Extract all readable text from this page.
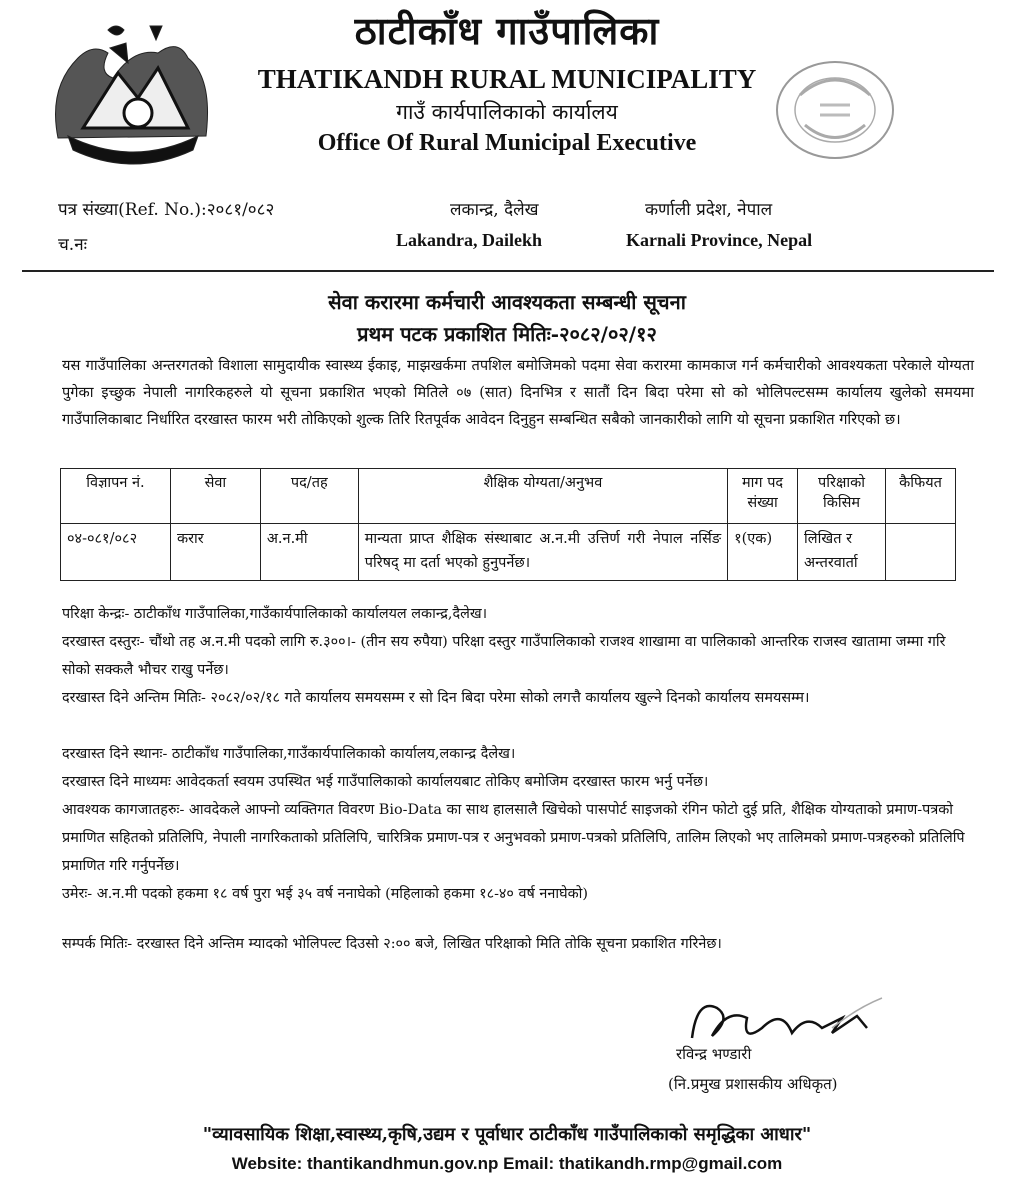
ठाटीकाँध गाउँपालिका
THATIKANDH RURAL MUNICIPALITY
गाउँ कार्यपालिकाको कार्यालय
Office Of Rural Municipal Executive
पत्र संख्या(Ref. No.):२०८१/०८२
च.नः
लकान्द्र, दैलेख
Lakandra, Dailekh
कर्णाली प्रदेश, नेपाल
Karnali Province, Nepal
सेवा करारमा कर्मचारी आवश्यकता सम्बन्धी सूचना
प्रथम पटक प्रकाशित मितिः-२०८२/०२/१२
यस गाउँपालिका अन्तरगतको विशाला सामुदायीक स्वास्थ्य ईकाइ, माझखर्कमा तपशिल बमोजिमको पदमा सेवा करारमा कामकाज गर्न कर्मचारीको आवश्यकता परेकाले योग्यता पुगेका इच्छुक नेपाली नागरिकहरुले यो सूचना प्रकाशित भएको मितिले ०७ (सात) दिनभित्र र सातौं दिन बिदा परेमा सो को भोलिपल्टसम्म कार्यालय खुलेको समयमा गाउँपालिकाबाट निर्धारित दरखास्त फारम भरी तोकिएको शुल्क तिरि रितपूर्वक आवेदन दिनुहुन सम्बन्धित सबैको जानकारीको लागि यो सूचना प्रकाशित गरिएको छ।
विज्ञापन नं.	सेवा	पद/तह	शैक्षिक योग्यता/अनुभव	माग पद संख्या	परिक्षाको किसिम	कैफियत
०४-०८१/०८२	करार	अ.न.मी	मान्यता प्राप्त शैक्षिक संस्थाबाट अ.न.मी उत्तिर्ण गरी नेपाल नर्सिङ परिषद् मा दर्ता भएको हुनुपर्नेछ।	१(एक)	लिखित र अन्तरवार्ता	
परिक्षा केन्द्रः- ठाटीकाँध गाउँपालिका,गाउँकार्यपालिकाको कार्यालयल लकान्द्र,दैलेख।
दरखास्त दस्तुरः- चौंथो तह अ.न.मी पदको लागि रु.३००।- (तीन सय रुपैया) परिक्षा दस्तुर गाउँपालिकाको राजश्व शाखामा वा पालिकाको आन्तरिक राजस्व खातामा जम्मा गरि सोको सक्कलै भौचर राखु पर्नेछ।
दरखास्त दिने अन्तिम मितिः- २०८२/०२/१८ गते कार्यालय समयसम्म र सो दिन बिदा परेमा सोको लगत्तै कार्यालय खुल्ने दिनको कार्यालय समयसम्म।
दरखास्त दिने स्थानः- ठाटीकाँध गाउँपालिका,गाउँकार्यपालिकाको कार्यालय,लकान्द्र दैलेख।
दरखास्त दिने माध्यमः आवेदकर्ता स्वयम उपस्थित भई गाउँपालिकाको कार्यालयबाट तोकिए बमोजिम दरखास्त फारम भर्नु पर्नेछ।
आवश्यक कागजातहरुः- आवदेकले आफ्नो व्यक्तिगत विवरण Bio-Data का साथ हालसालै खिचेको पासपोर्ट साइजको रंगिन फोटो दुई प्रति, शैक्षिक योग्यताको प्रमाण-पत्रको प्रमाणित सहितको प्रतिलिपि, नेपाली नागरिकताको प्रतिलिपि, चारित्रिक प्रमाण-पत्र र अनुभवको प्रमाण-पत्रको प्रतिलिपि, तालिम लिएको भए तालिमको प्रमाण-पत्रहरुको प्रतिलिपि प्रमाणित गरि गर्नुपर्नेछ।
उमेरः- अ.न.मी पदको हकमा १८ वर्ष पुरा भई ३५ वर्ष ननाघेको (महिलाको हकमा १८-४० वर्ष ननाघेको)
सम्पर्क मितिः- दरखास्त दिने अन्तिम म्यादको भोलिपल्ट दिउसो २:०० बजे, लिखित परिक्षाको मिति तोकि सूचना प्रकाशित गरिनेछ।
रविन्द्र भण्डारी
(नि.प्रमुख प्रशासकीय अधिकृत)
"व्यावसायिक शिक्षा,स्वास्थ्य,कृषि,उद्यम र पूर्वाधार ठाटीकाँध गाउँपालिकाको समृद्धिका आधार"
Website: thantikandhmun.gov.np Email: thatikandh.rmp@gmail.com
